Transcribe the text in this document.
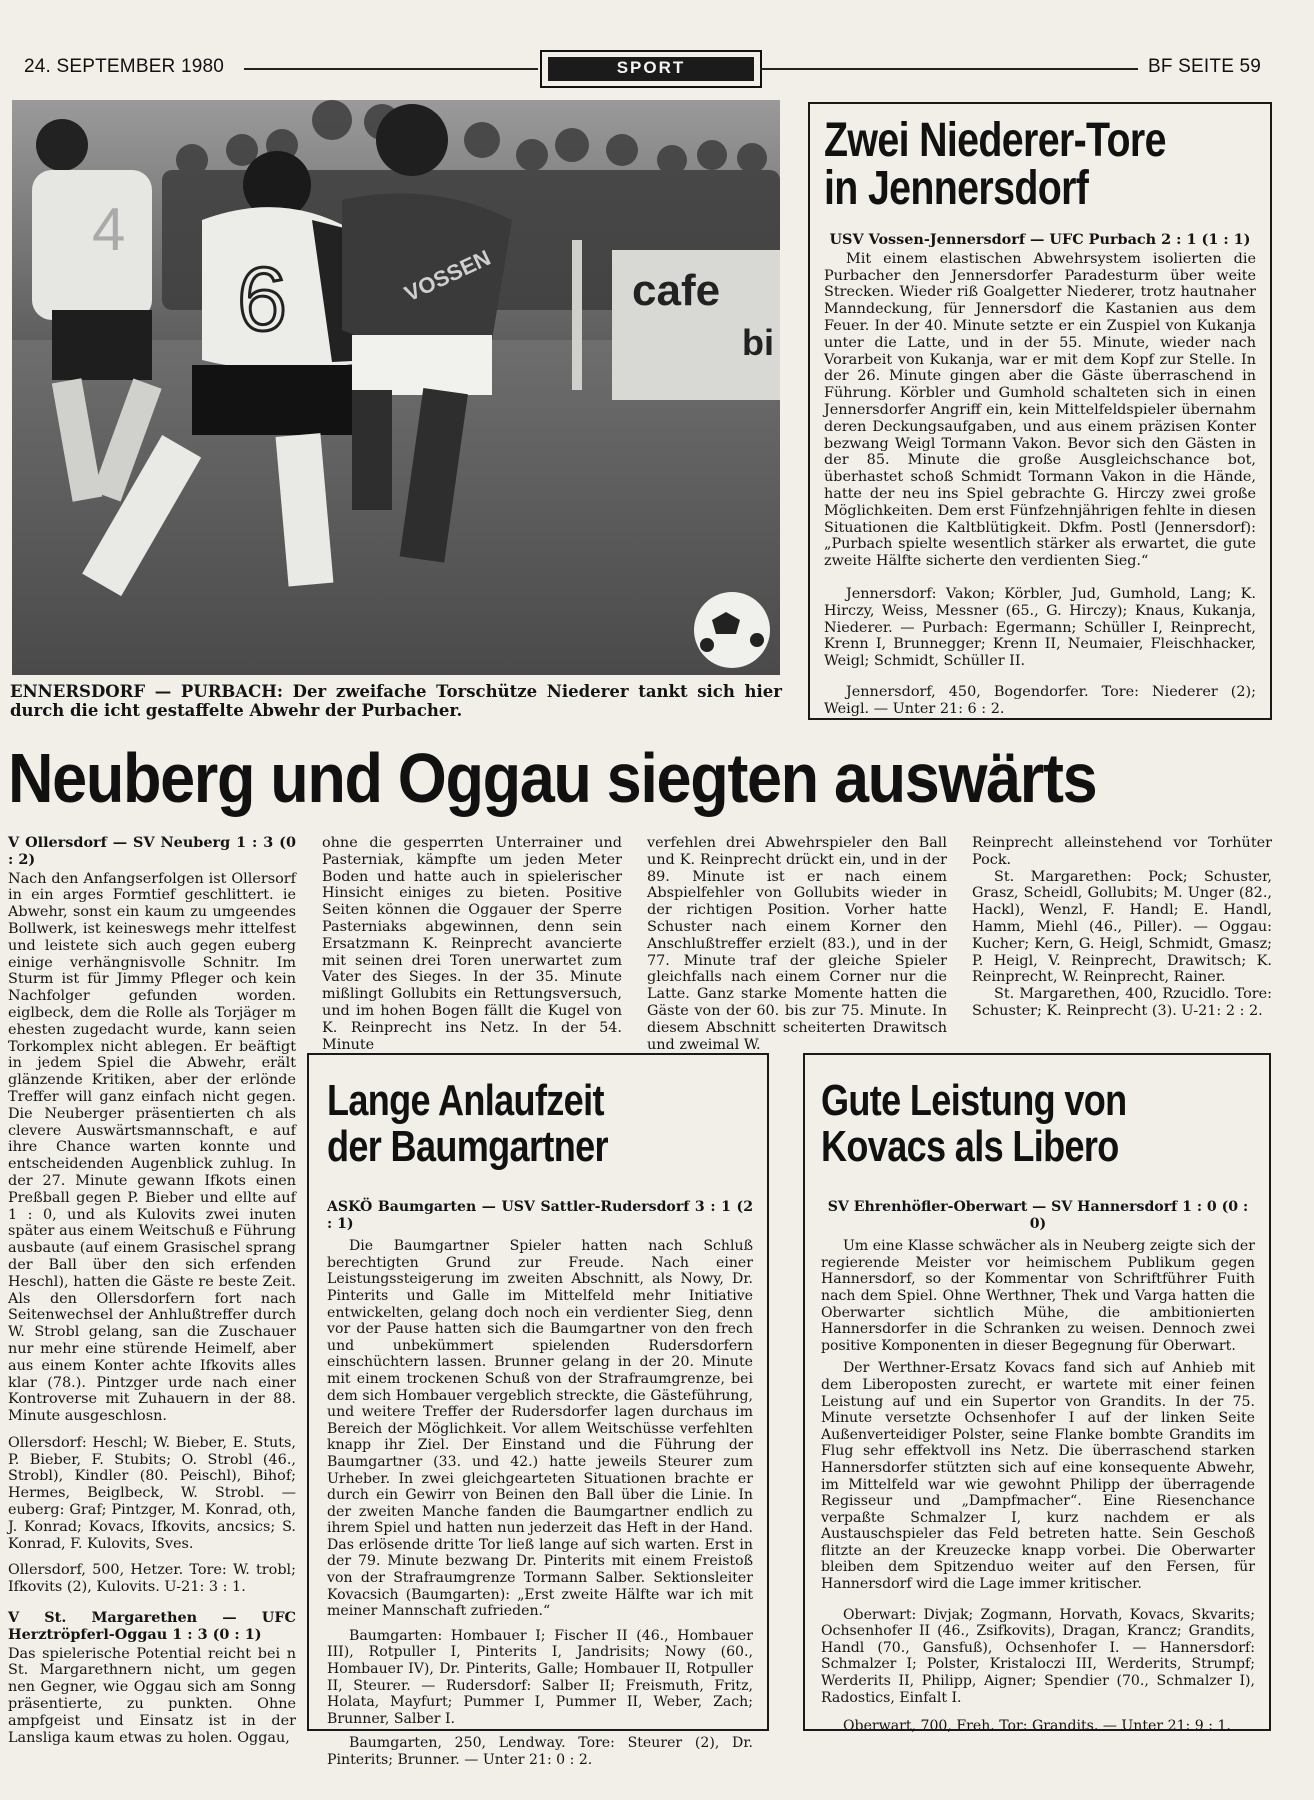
24. SEPTEMBER 1980	SPORT	BF SEITE 59
cafe
bi
4
6	VOSSEN
ENNERSDORF — PURBACH: Der zweifache Torschütze Niederer tankt sich hier durch die icht gestaffelte Abwehr der Purbacher.
Zwei Niederer-Tore
in Jennersdorf

USV Vossen-Jennersdorf — UFC Purbach 2 : 1 (1 : 1)

Mit einem elastischen Abwehrsystem isolierten die Purbacher den Jennersdorfer Paradesturm über weite Strecken. Wieder riß Goalgetter Niederer, trotz hautnaher Manndeckung, für Jennersdorf die Kastanien aus dem Feuer. In der 40. Minute setzte er ein Zuspiel von Kukanja unter die Latte, und in der 55. Minute, wieder nach Vorarbeit von Kukanja, war er mit dem Kopf zur Stelle. In der 26. Minute gingen aber die Gäste überraschend in Führung. Körbler und Gumhold schalteten sich in einen Jennersdorfer Angriff ein, kein Mittelfeldspieler übernahm deren Deckungsaufgaben, und aus einem präzisen Konter bezwang Weigl Tormann Vakon. Bevor sich den Gästen in der 85. Minute die große Ausgleichschance bot, überhastet schoß Schmidt Tormann Vakon in die Hände, hatte der neu ins Spiel gebrachte G. Hirczy zwei große Möglichkeiten. Dem erst Fünfzehnjährigen fehlte in diesen Situationen die Kaltblütigkeit. Dkfm. Postl (Jennersdorf): „Purbach spielte wesentlich stärker als erwartet, die gute zweite Hälfte sicherte den verdienten Sieg.“

Jennersdorf: Vakon; Körbler, Jud, Gumhold, Lang; K. Hirczy, Weiss, Messner (65., G. Hirczy); Knaus, Kukanja, Niederer. — Purbach: Egermann; Schüller I, Reinprecht, Krenn I, Brunnegger; Krenn II, Neumaier, Fleischhacker, Weigl; Schmidt, Schüller II.

Jennersdorf, 450, Bogendorfer. Tore: Niederer (2); Weigl. — Unter 21: 6 : 2.

Neuberg und Oggau siegten auswärts

V Ollersdorf — SV Neuberg 1 : 3 (0 : 2)

Nach den Anfangserfolgen ist Ollersorf in ein arges Formtief geschlittert. ie Abwehr, sonst ein kaum zu umgeendes Bollwerk, ist keineswegs mehr ittelfest und leistete sich auch gegen euberg einige verhängnisvolle Schnitr. Im Sturm ist für Jimmy Pfleger och kein Nachfolger gefunden worden. eiglbeck, dem die Rolle als Torjäger m ehesten zugedacht wurde, kann seien Torkomplex nicht ablegen. Er beäftigt in jedem Spiel die Abwehr, erält glänzende Kritiken, aber der erlönde Treffer will ganz einfach nicht gegen. Die Neuberger präsentierten ch als clevere Auswärtsmannschaft, e auf ihre Chance warten konnte und entscheidenden Augenblick zuhlug. In der 27. Minute gewann Ifkots einen Preßball gegen P. Bieber und ellte auf 1 : 0, und als Kulovits zwei inuten später aus einem Weitschuß e Führung ausbaute (auf einem Grasischel sprang der Ball über den sich erfenden Heschl), hatten die Gäste re beste Zeit. Als den Ollersdorfern fort nach Seitenwechsel der Anhlußtreffer durch W. Strobl gelang, san die Zuschauer nur mehr eine stürende Heimelf, aber aus einem Konter achte Ifkovits alles klar (78.). Pintzger urde nach einer Kontroverse mit Zuhauern in der 88. Minute ausgeschlosn.

Ollersdorf: Heschl; W. Bieber, E. Stuts, P. Bieber, F. Stubits; O. Strobl (46., Strobl), Kindler (80. Peischl), Bihof; Hermes, Beiglbeck, W. Strobl. — euberg: Graf; Pintzger, M. Konrad, oth, J. Konrad; Kovacs, Ifkovits, ancsics; S. Konrad, F. Kulovits, Sves.

Ollersdorf, 500, Hetzer. Tore: W. trobl; Ifkovits (2), Kulovits. U-21: 3 : 1.

V St. Margarethen — UFC Herztröpferl-Oggau 1 : 3 (0 : 1)

Das spielerische Potential reicht bei n St. Margarethnern nicht, um gegen nen Gegner, wie Oggau sich am Sonng präsentierte, zu punkten. Ohne ampfgeist und Einsatz ist in der Lansliga kaum etwas zu holen. Oggau,

ohne die gesperrten Unterrainer und Pasterniak, kämpfte um jeden Meter Boden und hatte auch in spielerischer Hinsicht einiges zu bieten. Positive Seiten können die Oggauer der Sperre Pasterniaks abgewinnen, denn sein Ersatzmann K. Reinprecht avancierte mit seinen drei Toren unerwartet zum Vater des Sieges. In der 35. Minute mißlingt Gollubits ein Rettungsversuch, und im hohen Bogen fällt die Kugel von K. Reinprecht ins Netz. In der 54. Minute

verfehlen drei Abwehrspieler den Ball und K. Reinprecht drückt ein, und in der 89. Minute ist er nach einem Abspielfehler von Gollubits wieder in der richtigen Position. Vorher hatte Schuster nach einem Korner den Anschlußtreffer erzielt (83.), und in der 77. Minute traf der gleiche Spieler gleichfalls nach einem Corner nur die Latte. Ganz starke Momente hatten die Gäste von der 60. bis zur 75. Minute. In diesem Abschnitt scheiterten Drawitsch und zweimal W.

Reinprecht alleinstehend vor Torhüter Pock.

St. Margarethen: Pock; Schuster, Grasz, Scheidl, Gollubits; M. Unger (82., Hackl), Wenzl, F. Handl; E. Handl, Hamm, Miehl (46., Piller). — Oggau: Kucher; Kern, G. Heigl, Schmidt, Gmasz; P. Heigl, V. Reinprecht, Drawitsch; K. Reinprecht, W. Reinprecht, Rainer.

St. Margarethen, 400, Rzucidlo. Tore: Schuster; K. Reinprecht (3). U-21: 2 : 2.

Lange Anlaufzeit
der Baumgartner

ASKÖ Baumgarten — USV Sattler-Rudersdorf 3 : 1 (2 : 1)

Die Baumgartner Spieler hatten nach Schluß berechtigten Grund zur Freude. Nach einer Leistungssteigerung im zweiten Abschnitt, als Nowy, Dr. Pinterits und Galle im Mittelfeld mehr Initiative entwickelten, gelang doch noch ein verdienter Sieg, denn vor der Pause hatten sich die Baumgartner von den frech und unbekümmert spielenden Rudersdorfern einschüchtern lassen. Brunner gelang in der 20. Minute mit einem trockenen Schuß von der Strafraumgrenze, bei dem sich Hombauer vergeblich streckte, die Gästeführung, und weitere Treffer der Rudersdorfer lagen durchaus im Bereich der Möglichkeit. Vor allem Weitschüsse verfehlten knapp ihr Ziel. Der Einstand und die Führung der Baumgartner (33. und 42.) hatte jeweils Steurer zum Urheber. In zwei gleichgearteten Situationen brachte er durch ein Gewirr von Beinen den Ball über die Linie. In der zweiten Manche fanden die Baumgartner endlich zu ihrem Spiel und hatten nun jederzeit das Heft in der Hand. Das erlösende dritte Tor ließ lange auf sich warten. Erst in der 79. Minute bezwang Dr. Pinterits mit einem Freistoß von der Strafraumgrenze Tormann Salber. Sektionsleiter Kovacsich (Baumgarten): „Erst zweite Hälfte war ich mit meiner Mannschaft zufrieden.“

Baumgarten: Hombauer I; Fischer II (46., Hombauer III), Rotpuller I, Pinterits I, Jandrisits; Nowy (60., Hombauer IV), Dr. Pinterits, Galle; Hombauer II, Rotpuller II, Steurer. — Rudersdorf: Salber II; Freismuth, Fritz, Holata, Mayfurt; Pummer I, Pummer II, Weber, Zach; Brunner, Salber I.

Baumgarten, 250, Lendway. Tore: Steurer (2), Dr. Pinterits; Brunner. — Unter 21: 0 : 2.

Gute Leistung von
Kovacs als Libero

SV Ehrenhöfler-Oberwart — SV Hannersdorf 1 : 0 (0 : 0)

Um eine Klasse schwächer als in Neuberg zeigte sich der regierende Meister vor heimischem Publikum gegen Hannersdorf, so der Kommentar von Schriftführer Fuith nach dem Spiel. Ohne Werthner, Thek und Varga hatten die Oberwarter sichtlich Mühe, die ambitionierten Hannersdorfer in die Schranken zu weisen. Dennoch zwei positive Komponenten in dieser Begegnung für Oberwart.

Der Werthner-Ersatz Kovacs fand sich auf Anhieb mit dem Liberoposten zurecht, er wartete mit einer feinen Leistung auf und ein Supertor von Grandits. In der 75. Minute versetzte Ochsenhofer I auf der linken Seite Außenverteidiger Polster, seine Flanke bombte Grandits im Flug sehr effektvoll ins Netz. Die überraschend starken Hannersdorfer stützten sich auf eine konsequente Abwehr, im Mittelfeld war wie gewohnt Philipp der überragende Regisseur und „Dampfmacher“. Eine Riesenchance verpaßte Schmalzer I, kurz nachdem er als Austauschspieler das Feld betreten hatte. Sein Geschoß flitzte an der Kreuzecke knapp vorbei. Die Oberwarter bleiben dem Spitzenduo weiter auf den Fersen, für Hannersdorf wird die Lage immer kritischer.

Oberwart: Divjak; Zogmann, Horvath, Kovacs, Skvarits; Ochsenhofer II (46., Zsifkovits), Dragan, Krancz; Grandits, Handl (70., Gansfuß), Ochsenhofer I. — Hannersdorf: Schmalzer I; Polster, Kristaloczi III, Werderits, Strumpf; Werderits II, Philipp, Aigner; Spendier (70., Schmalzer I), Radostics, Einfalt I.

Oberwart, 700, Freh. Tor: Grandits. — Unter 21: 9 : 1.
